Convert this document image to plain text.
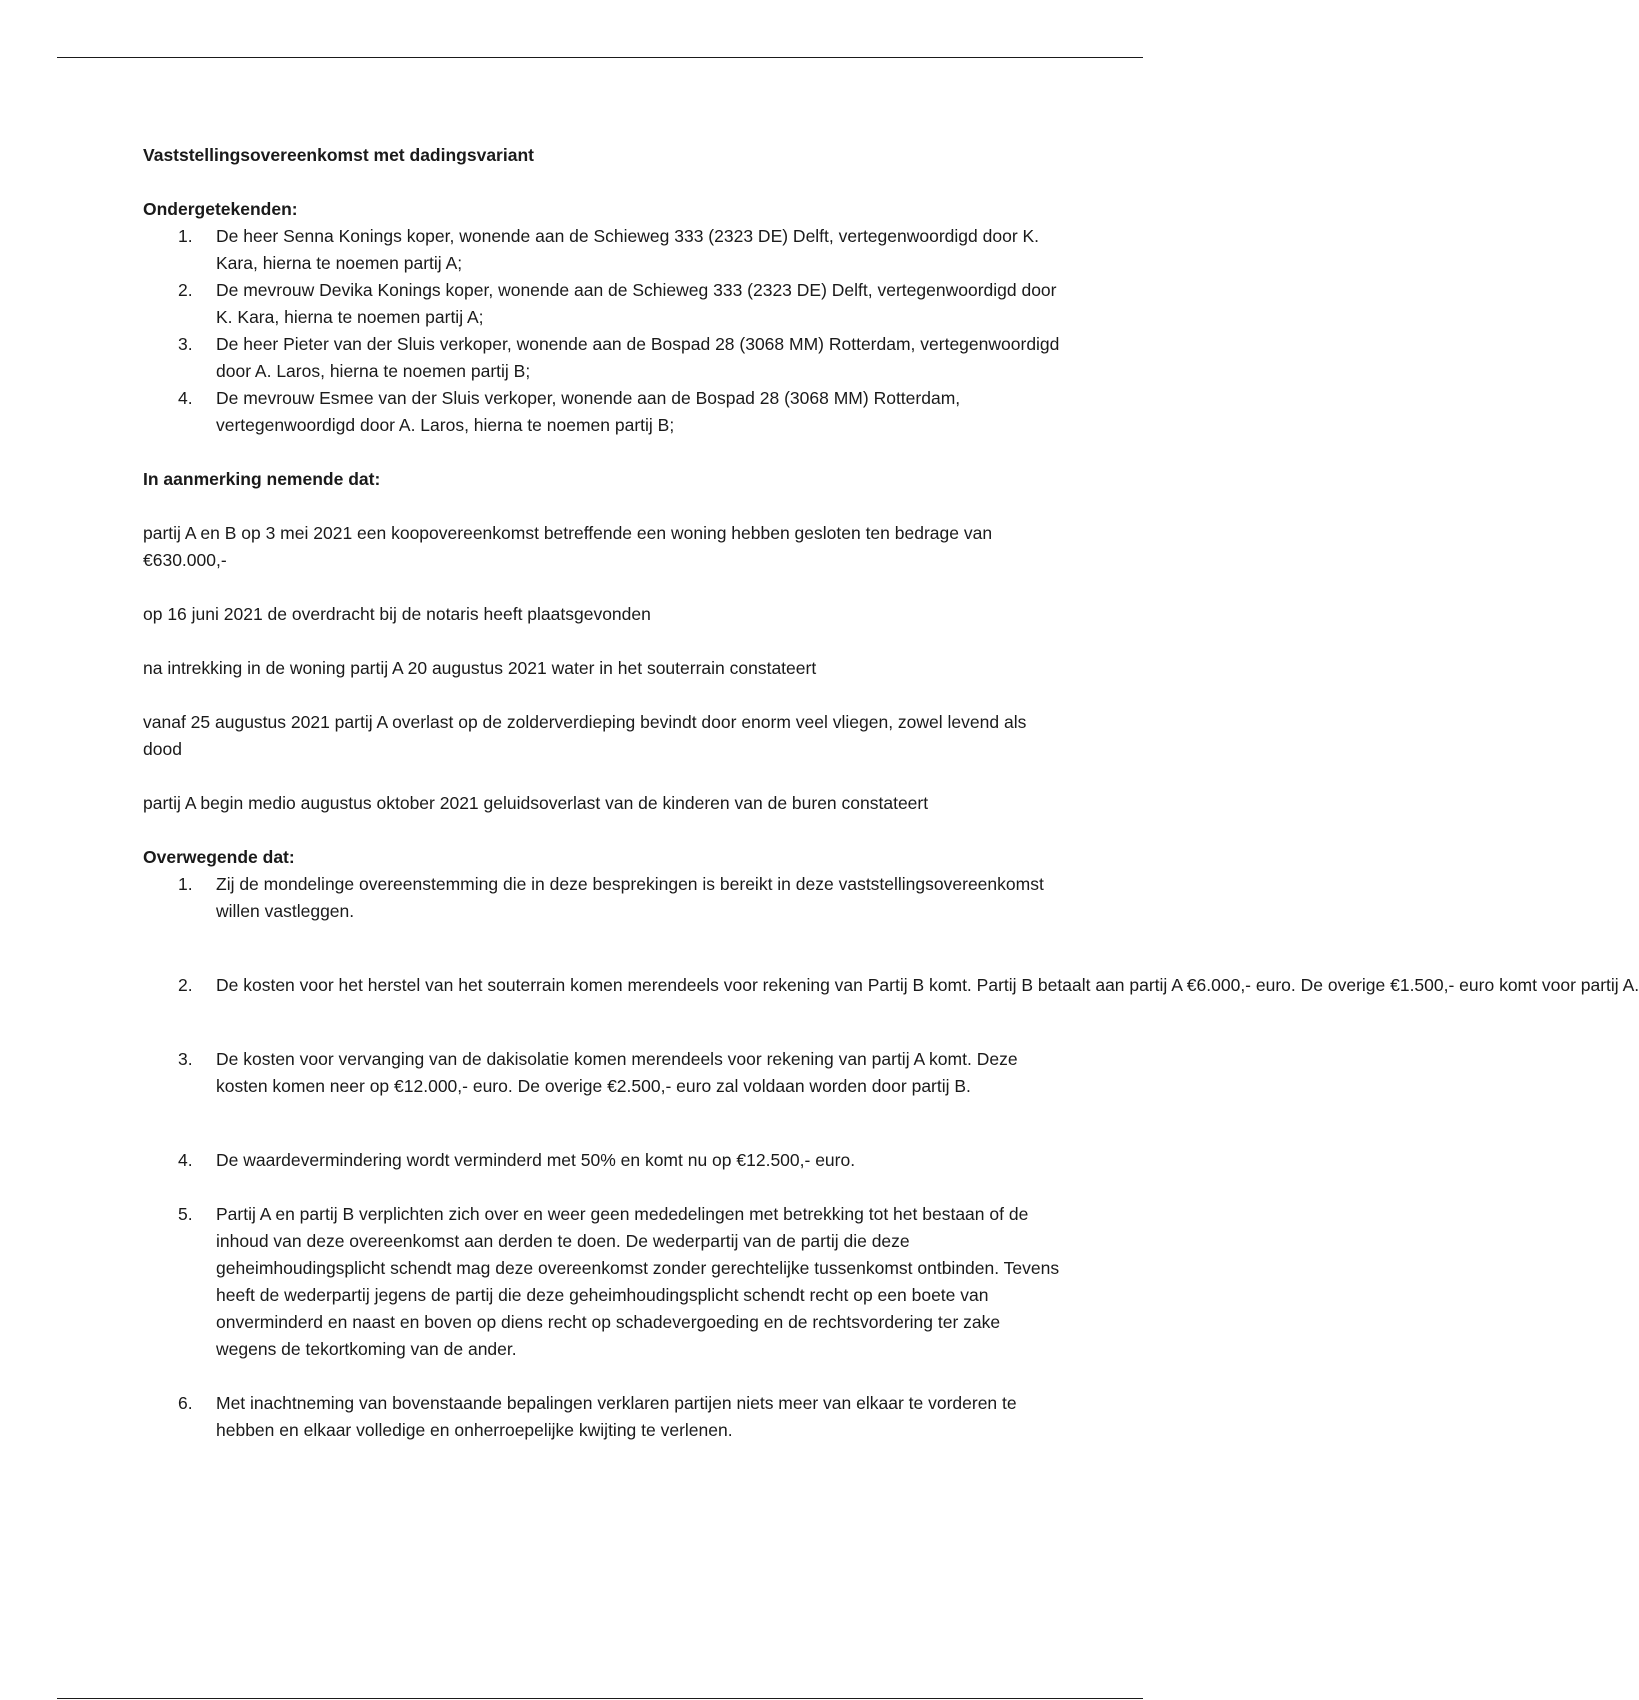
Vaststellingsovereenkomst met dadingsvariant

Ondergetekenden:

1. De heer Senna Konings koper, wonende aan de Schieweg 333 (2323 DE) Delft, vertegenwoordigd door K. Kara, hierna te noemen partij A;
2. De mevrouw Devika Konings koper, wonende aan de Schieweg 333 (2323 DE) Delft, vertegenwoordigd door K. Kara, hierna te noemen partij A;
3. De heer Pieter van der Sluis verkoper, wonende aan de Bospad 28 (3068 MM) Rotterdam, vertegenwoordigd door A. Laros, hierna te noemen partij B;
4. De mevrouw Esmee van der Sluis verkoper, wonende aan de Bospad 28 (3068 MM) Rotterdam, vertegenwoordigd door A. Laros, hierna te noemen partij B;

In aanmerking nemende dat:

partij A en B op 3 mei 2021 een koopovereenkomst betreffende een woning hebben gesloten ten bedrage van €630.000,-

op 16 juni 2021 de overdracht bij de notaris heeft plaatsgevonden

na intrekking in de woning partij A 20 augustus 2021 water in het souterrain constateert

vanaf 25 augustus 2021 partij A overlast op de zolderverdieping bevindt door enorm veel vliegen, zowel levend als dood

partij A begin medio augustus oktober 2021 geluidsoverlast van de kinderen van de buren constateert

Overwegende dat:

1. Zij de mondelinge overeenstemming die in deze besprekingen is bereikt in deze vaststellingsovereenkomst willen vastleggen.
2. De kosten voor het herstel van het souterrain komen merendeels voor rekening van Partij B komt. Partij B betaalt aan partij A €6.000,- euro. De overige €1.500,- euro komt voor partij A.
3. De kosten voor vervanging van de dakisolatie komen merendeels voor rekening van partij A komt. Deze kosten komen neer op €12.000,- euro. De overige €2.500,- euro zal voldaan worden door partij B.
4. De waardevermindering wordt verminderd met 50% en komt nu op €12.500,- euro.
5. Partij A en partij B verplichten zich over en weer geen mededelingen met betrekking tot het bestaan of de inhoud van deze overeenkomst aan derden te doen. De wederpartij van de partij die deze geheimhoudingsplicht schendt mag deze overeenkomst zonder gerechtelijke tussenkomst ontbinden. Tevens heeft de wederpartij jegens de partij die deze geheimhoudingsplicht schendt recht op een boete van onverminderd en naast en boven op diens recht op schadevergoeding en de rechtsvordering ter zake wegens de tekortkoming van de ander.
6. Met inachtneming van bovenstaande bepalingen verklaren partijen niets meer van elkaar te vorderen te hebben en elkaar volledige en onherroepelijke kwijting te verlenen.
